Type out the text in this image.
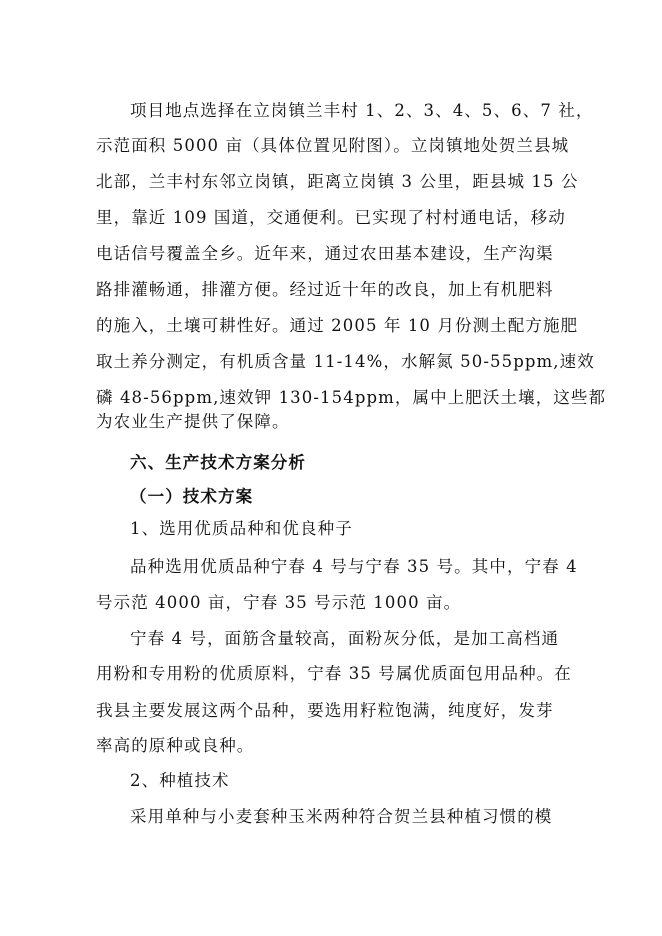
项目地点选择在立岗镇兰丰村 1、2、3、4、5、6、7 社，
示范面积 5000 亩（具体位置见附图）。立岗镇地处贺兰县城
北部，兰丰村东邻立岗镇，距离立岗镇 3 公里，距县城 15 公
里，靠近 109 国道，交通便利。已实现了村村通电话，移动
电话信号覆盖全乡。近年来，通过农田基本建设，生产沟渠
路排灌畅通，排灌方便。经过近十年的改良，加上有机肥料
的施入，土壤可耕性好。通过 2005 年 10 月份测土配方施肥
取土养分测定，有机质含量 11-14%，水解氮 50-55ppm,速效
磷 48-56ppm,速效钾 130-154ppm，属中上肥沃土壤，这些都
为农业生产提供了保障。
六、生产技术方案分析
（一）技术方案
1、选用优质品种和优良种子
品种选用优质品种宁春 4 号与宁春 35 号。其中，宁春 4
号示范 4000 亩，宁春 35 号示范 1000 亩。
宁春 4 号，面筋含量较高，面粉灰分低，是加工高档通
用粉和专用粉的优质原料，宁春 35 号属优质面包用品种。在
我县主要发展这两个品种，要选用籽粒饱满，纯度好，发芽
率高的原种或良种。
2、种植技术
采用单种与小麦套种玉米两种符合贺兰县种植习惯的模
